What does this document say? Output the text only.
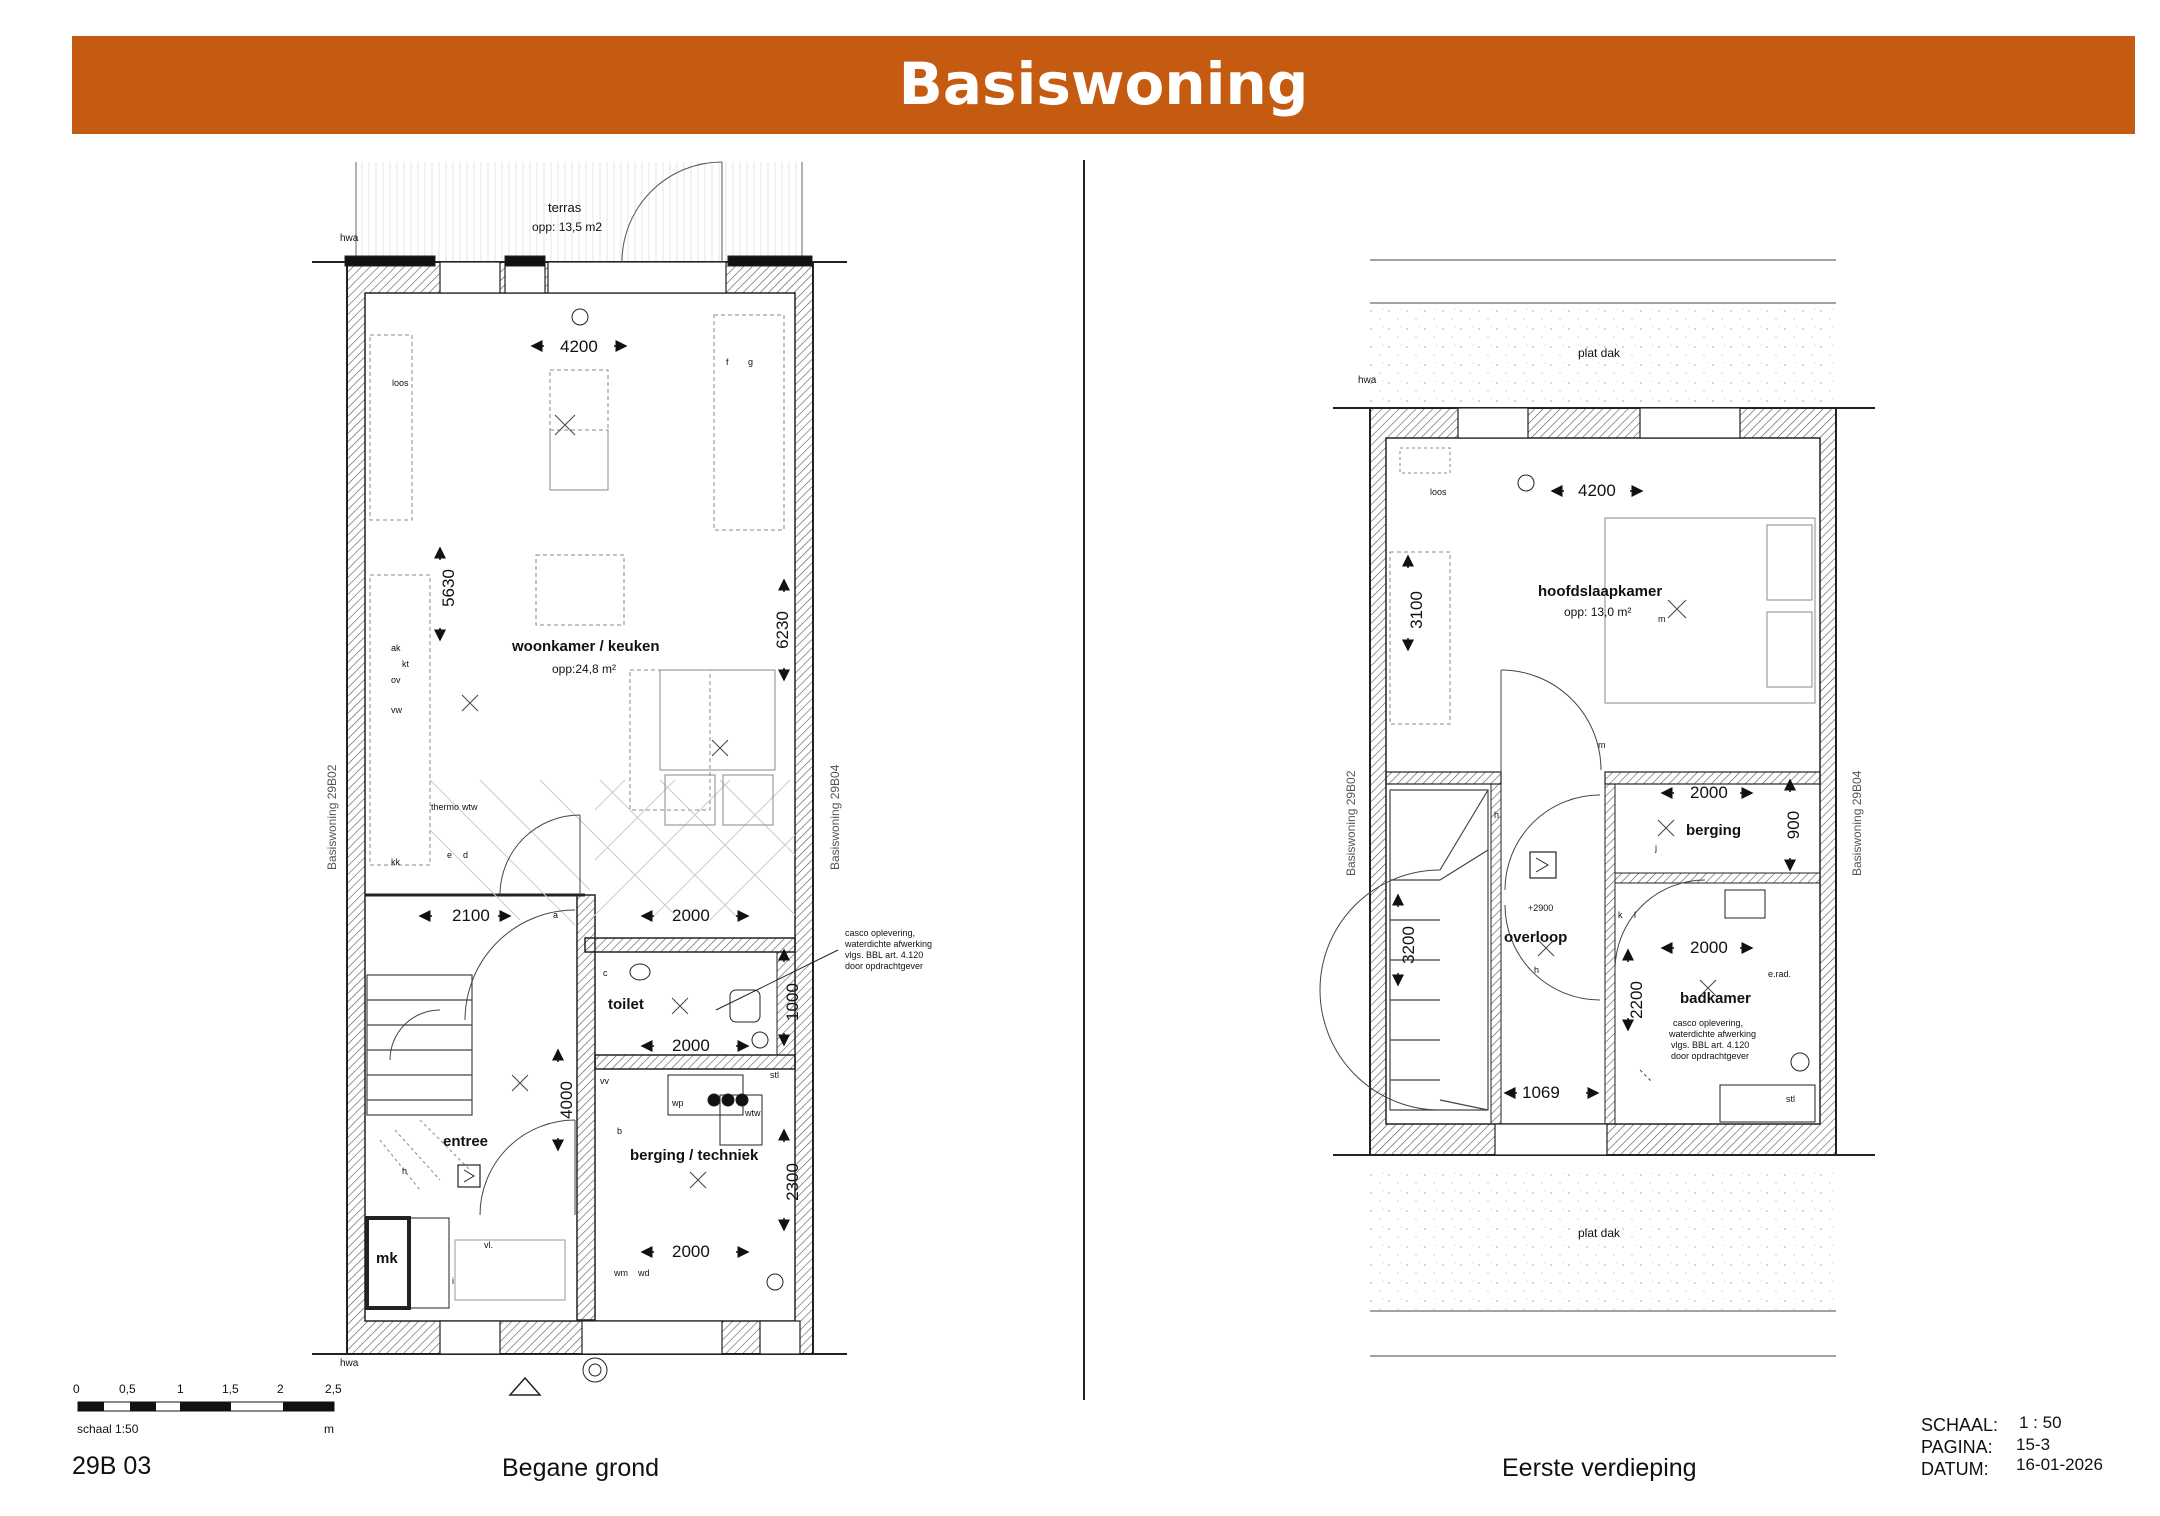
Basiswoning
terras
opp: 13,5 m2
hwa
hwa
4200
5630
6230
woonkamer / keuken
opp:24,8 m²
loos
ak
kt
ov
vw
kk
thermo wtw
Basiswoning 29B02	Basiswoning 29B04
2100	2000
casco oplevering,
waterdichte afwerking
vlgs. BBL art. 4.120
door opdrachtgever
toilet
2000
1000
vv
wp
stl
wtw
4000
berging / techniek
2300
entree
vl.
mk	2000
wm wd
a
c
d
e
f g
h
i
b
plat dak
plat dak
hwa
loos	4200
hoofdslaapkamer
opp: 13,0 m²
3100
Basiswoning 29B02	Basiswoning 29B04
2000
berging	900
2000
+2900
overloop
3200
e.rad.
badkamer
2200
casco oplevering,
waterdichte afwerking
vlgs. BBL art. 4.120
door opdrachtgever
1069	stl
h
h
j
k l
m
m
0	0,5	1	1,5	2	2,5
schaal 1:50	m
29B 03	Begane grond	Eerste verdieping
SCHAAL: 1 : 50
PAGINA: 15-3
DATUM: 16-01-2026
